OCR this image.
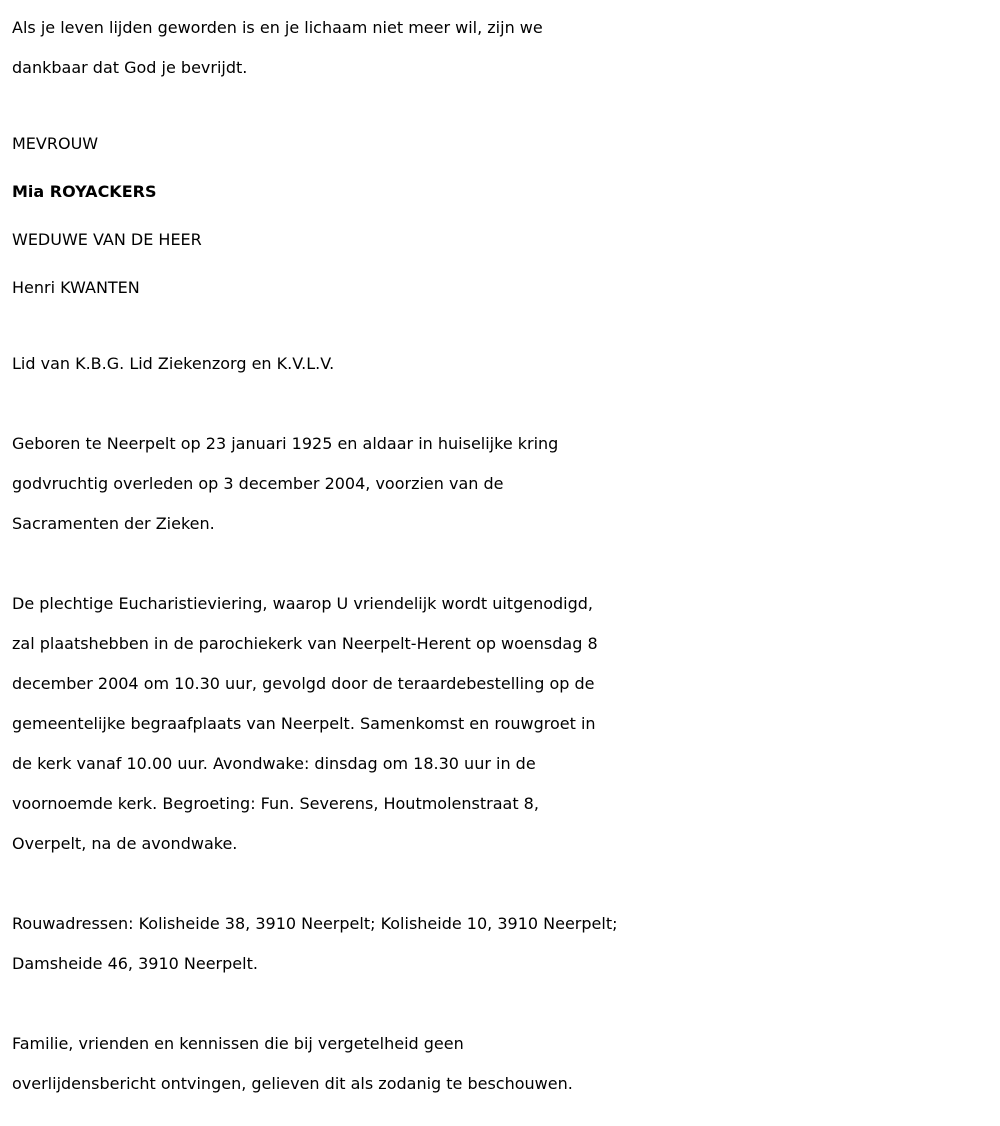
Als je leven lijden geworden is en je lichaam niet meer wil, zijn we

dankbaar dat God je bevrijdt.

MEVROUW

Mia ROYACKERS

WEDUWE VAN DE HEER

Henri KWANTEN

Lid van K.B.G. Lid Ziekenzorg en K.V.L.V.

Geboren te Neerpelt op 23 januari 1925 en aldaar in huiselijke kring

godvruchtig overleden op 3 december 2004, voorzien van de

Sacramenten der Zieken.

De plechtige Eucharistieviering, waarop U vriendelijk wordt uitgenodigd,

zal plaatshebben in de parochiekerk van Neerpelt-Herent op woensdag 8

december 2004 om 10.30 uur, gevolgd door de teraardebestelling op de

gemeentelijke begraafplaats van Neerpelt. Samenkomst en rouwgroet in

de kerk vanaf 10.00 uur. Avondwake: dinsdag om 18.30 uur in de

voornoemde kerk. Begroeting: Fun. Severens, Houtmolenstraat 8,

Overpelt, na de avondwake.

Rouwadressen: Kolisheide 38, 3910 Neerpelt; Kolisheide 10, 3910 Neerpelt;

Damsheide 46, 3910 Neerpelt.

Familie, vrienden en kennissen die bij vergetelheid geen

overlijdensbericht ontvingen, gelieven dit als zodanig te beschouwen.
